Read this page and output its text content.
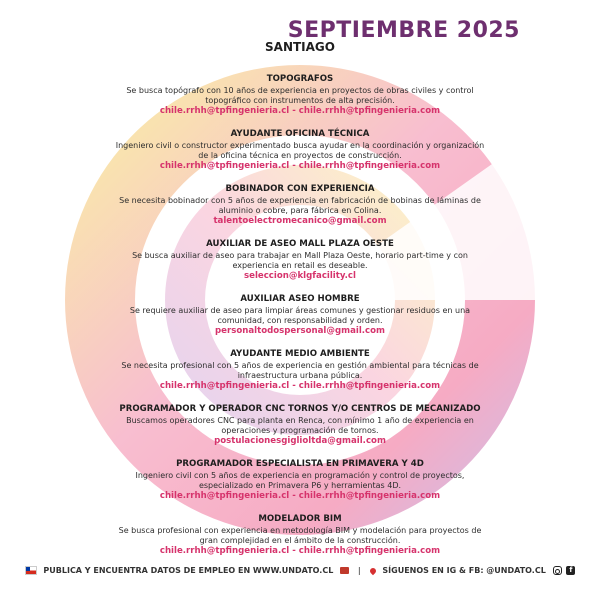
SEPTIEMBRE 2025
SANTIAGO
TOPOGRAFOS
Se busca topógrafo con 10 años de experiencia en proyectos de obras civiles y control topográfico con instrumentos de alta precisión.
chile.rrhh@tpfingenieria.cl - chile.rrhh@tpfingenieria.com
AYUDANTE OFICINA TÉCNICA
Ingeniero civil o constructor experimentado busca ayudar en la coordinación y organización de la oficina técnica en proyectos de construcción.
chile.rrhh@tpfingenieria.cl - chile.rrhh@tpfingenieria.com
BOBINADOR CON EXPERIENCIA
Se necesita bobinador con 5 años de experiencia en fabricación de bobinas de láminas de aluminio o cobre, para fábrica en Colina.
talentoelectromecanico@gmail.com
AUXILIAR DE ASEO MALL PLAZA OESTE
Se busca auxiliar de aseo para trabajar en Mall Plaza Oeste, horario part-time y con experiencia en retail es deseable.
seleccion@klgfacility.cl
AUXILIAR ASEO HOMBRE
Se requiere auxiliar de aseo para limpiar áreas comunes y gestionar residuos en una comunidad, con responsabilidad y orden.
personaltodospersonal@gmail.com
AYUDANTE MEDIO AMBIENTE
Se necesita profesional con 5 años de experiencia en gestión ambiental para técnicas de infraestructura urbana pública.
chile.rrhh@tpfingenieria.cl - chile.rrhh@tpfingenieria.com
PROGRAMADOR Y OPERADOR CNC TORNOS Y/O CENTROS DE MECANIZADO
Buscamos operadores CNC para planta en Renca, con mínimo 1 año de experiencia en operaciones y programación de tornos.
postulacionesgiglioltda@gmail.com
PROGRAMADOR ESPECIALISTA EN PRIMAVERA Y 4D
Ingeniero civil con 5 años de experiencia en programación y control de proyectos, especializado en Primavera P6 y herramientas 4D.
chile.rrhh@tpfingenieria.cl - chile.rrhh@tpfingenieria.com
MODELADOR BIM
Se busca profesional con experiencia en metodología BIM y modelación para proyectos de gran complejidad en el ámbito de la construcción.
chile.rrhh@tpfingenieria.cl - chile.rrhh@tpfingenieria.com
PUBLICA Y ENCUENTRA DATOS DE EMPLEO EN WWW.UNDATO.CL	|	SÍGUENOS EN IG & FB: @UNDATO.CL	f
